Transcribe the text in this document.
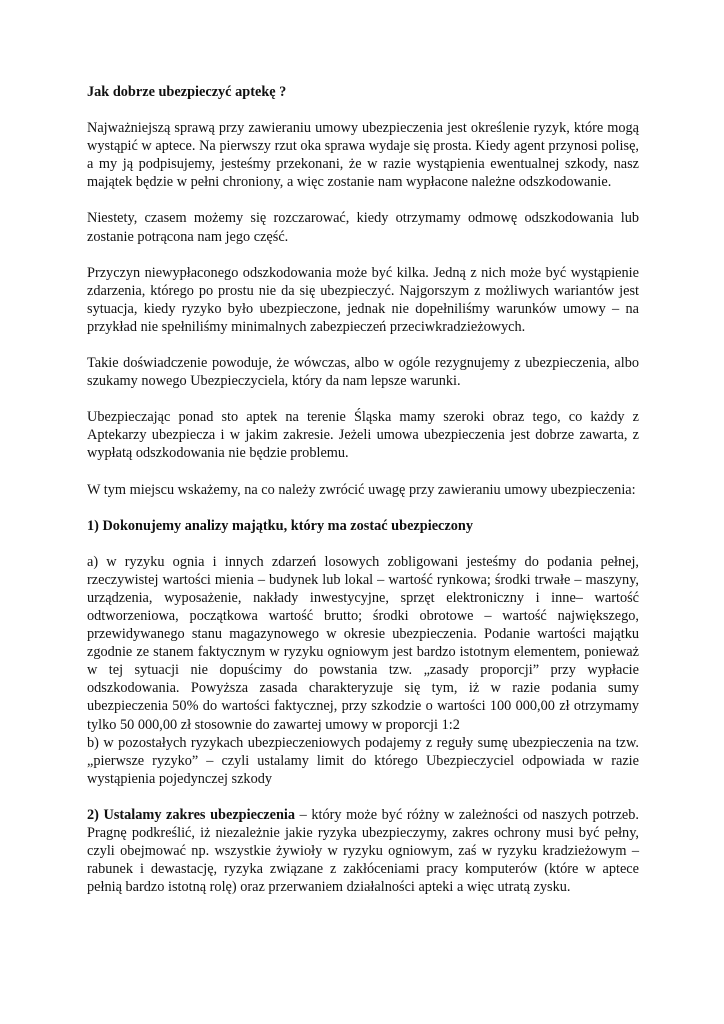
Jak dobrze ubezpieczyć aptekę ?

Najważniejszą sprawą przy zawieraniu umowy ubezpieczenia jest określenie ryzyk, które mogą wystąpić w aptece. Na pierwszy rzut oka sprawa wydaje się prosta. Kiedy agent przynosi polisę, a my ją podpisujemy, jesteśmy przekonani, że w razie wystąpienia ewentualnej szkody, nasz majątek będzie w pełni chroniony, a więc zostanie nam wypłacone należne odszkodowanie.

Niestety, czasem możemy się rozczarować, kiedy otrzymamy odmowę odszkodowania lub zostanie potrącona nam jego część.

Przyczyn niewypłaconego odszkodowania może być kilka. Jedną z nich może być wystąpienie zdarzenia, którego po prostu nie da się ubezpieczyć. Najgorszym z możliwych wariantów jest sytuacja, kiedy ryzyko było ubezpieczone, jednak nie dopełniliśmy warunków umowy – na przykład nie spełniliśmy minimalnych zabezpieczeń przeciwkradzieżowych.

Takie doświadczenie powoduje, że wówczas, albo w ogóle rezygnujemy z ubezpieczenia, albo szukamy nowego Ubezpieczyciela, który da nam lepsze warunki.

Ubezpieczając ponad sto aptek na terenie Śląska mamy szeroki obraz tego, co każdy z Aptekarzy ubezpiecza i w jakim zakresie. Jeżeli umowa ubezpieczenia jest dobrze zawarta, z wypłatą odszkodowania nie będzie problemu.

W tym miejscu wskażemy, na co należy zwrócić uwagę przy zawieraniu umowy ubezpieczenia:

1) Dokonujemy analizy majątku, który ma zostać ubezpieczony

a) w ryzyku ognia i innych zdarzeń losowych zobligowani jesteśmy do podania pełnej, rzeczywistej wartości mienia – budynek lub lokal – wartość rynkowa; środki trwałe – maszyny, urządzenia, wyposażenie, nakłady inwestycyjne, sprzęt elektroniczny i inne– wartość odtworzeniowa, początkowa wartość brutto; środki obrotowe – wartość największego, przewidywanego stanu magazynowego w okresie ubezpieczenia. Podanie wartości majątku zgodnie ze stanem faktycznym w ryzyku ogniowym jest bardzo istotnym elementem, ponieważ w tej sytuacji nie dopuścimy do powstania tzw. „zasady proporcji” przy wypłacie odszkodowania. Powyższa zasada charakteryzuje się tym, iż w razie podania sumy ubezpieczenia 50% do wartości faktycznej, przy szkodzie o wartości 100 000,00 zł otrzymamy tylko 50 000,00 zł stosownie do zawartej umowy w proporcji 1:2

b) w pozostałych ryzykach ubezpieczeniowych podajemy z reguły sumę ubezpieczenia na tzw. „pierwsze ryzyko” – czyli ustalamy limit do którego Ubezpieczyciel odpowiada w razie wystąpienia pojedynczej szkody

2) Ustalamy zakres ubezpieczenia – który może być różny w zależności od naszych potrzeb. Pragnę podkreślić, iż niezależnie jakie ryzyka ubezpieczymy, zakres ochrony musi być pełny, czyli obejmować np. wszystkie żywioły w ryzyku ogniowym, zaś w ryzyku kradzieżowym – rabunek i dewastację, ryzyka związane z zakłóceniami pracy komputerów (które w aptece pełnią bardzo istotną rolę) oraz przerwaniem działalności apteki a więc utratą zysku.
